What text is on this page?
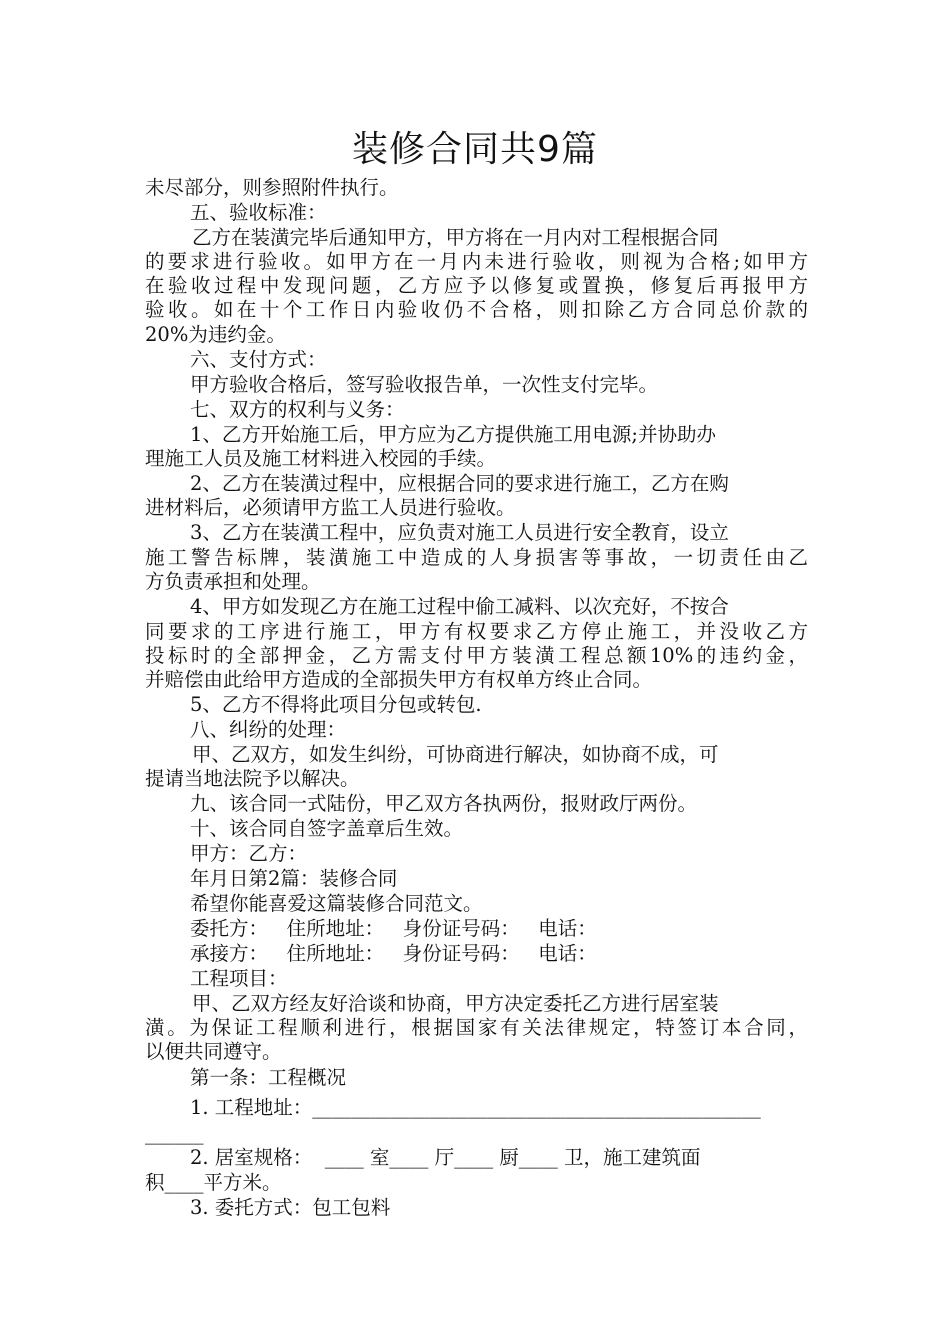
装修合同共9篇
未尽部分，则参照附件执行。
五、验收标准：
乙方在装潢完毕后通知甲方，甲方将在一月内对工程根据合同
的要求进行验收。如甲方在一月内未进行验收，则视为合格;如甲方
在验收过程中发现问题，乙方应予以修复或置换，修复后再报甲方
验收。如在十个工作日内验收仍不合格，则扣除乙方合同总价款的
20%为违约金。
六、支付方式：
甲方验收合格后，签写验收报告单，一次性支付完毕。
七、双方的权利与义务：
1、乙方开始施工后，甲方应为乙方提供施工用电源;并协助办
理施工人员及施工材料进入校园的手续。
2、乙方在装潢过程中，应根据合同的要求进行施工，乙方在购
进材料后，必须请甲方监工人员进行验收。
3、乙方在装潢工程中，应负责对施工人员进行安全教育，设立
施工警告标牌，装潢施工中造成的人身损害等事故，一切责任由乙
方负责承担和处理。
4、甲方如发现乙方在施工过程中偷工减料、以次充好，不按合
同要求的工序进行施工，甲方有权要求乙方停止施工，并没收乙方
投标时的全部押金，乙方需支付甲方装潢工程总额10%的违约金，
并赔偿由此给甲方造成的全部损失甲方有权单方终止合同。
5、乙方不得将此项目分包或转包.
八、纠纷的处理：
甲、乙双方，如发生纠纷，可协商进行解决，如协商不成，可
提请当地法院予以解决。
九、该合同一式陆份，甲乙双方各执两份，报财政厅两份。
十、该合同自签字盖章后生效。
甲方：乙方：
年月日第2篇：装修合同
希望你能喜爱这篇装修合同范文。
委托方：   住所地址：   身份证号码：   电话：
承接方：   住所地址：   身份证号码：   电话：
工程项目：
甲、乙双方经友好洽谈和协商，甲方决定委托乙方进行居室装
潢。为保证工程顺利进行，根据国家有关法律规定，特签订本合同，
以便共同遵守。
第一条：工程概况
1. 工程地址：______________________________________________
______
2. 居室规格：  ____ 室____ 厅____ 厨____ 卫，施工建筑面
积____平方米。
3. 委托方式：包工包料
